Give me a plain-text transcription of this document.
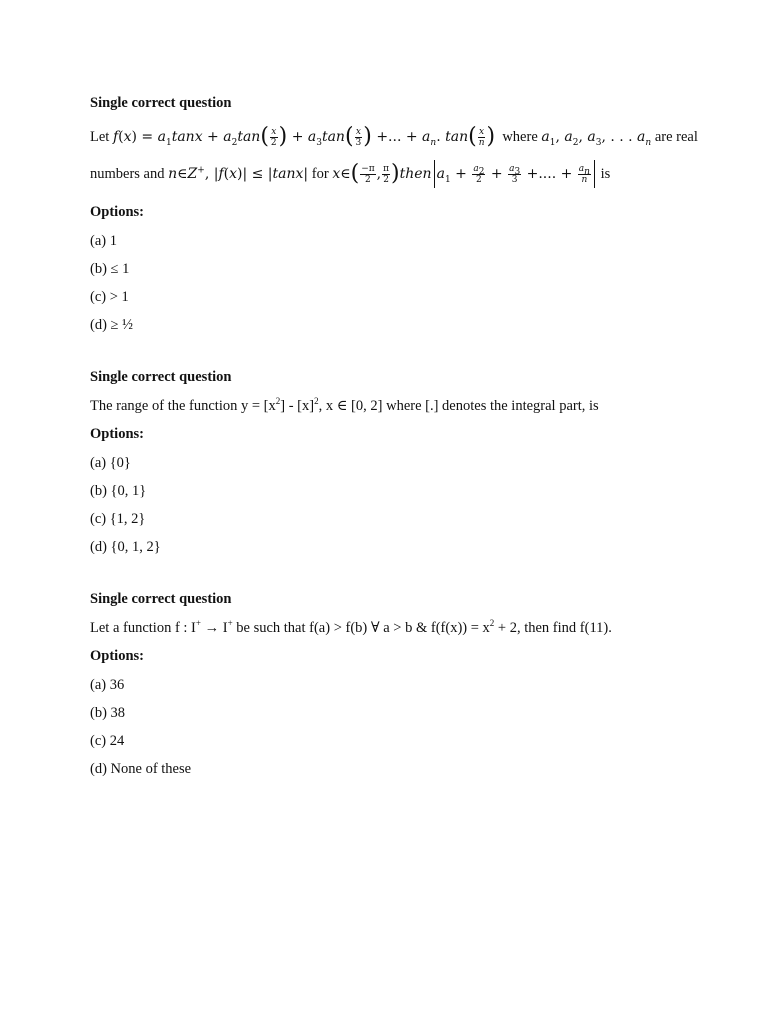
Single correct question
Let $f(x) = a_1\tan x + a_2\tan( \frac{x}{2}$ ) + $a_3\tan( \frac{x}{3}$ ) +... + $a_n$. $\tan( \frac{x}{n}$ ) where $a_1$, $a_2$, $a_3$, . . . $a_n$ are real
numbers and n∈Z+, |f(x)| ≤ |tanx| for x∈( $\frac{-\pi}{2}$ , $\frac{\pi}{2}$ )then $a_1 + \frac{a_2}{2} + \frac{a_3}{3}$ +.... + $\frac{a_n}{n}$ is
Options:
(a) 1
(b) ≤ 1
(c) > 1
(d) ≥ ½
Single correct question
The range of the function $y = [x^2] - [x]^2$, x ∈ [0, 2] where [.] denotes the integral part, is
Options:
(a) {0}
(b) {0, 1}
(c) {1, 2}
(d) {0, 1, 2}
Single correct question
Let a function f : I+ → I+ be such that f(a) > f(b) ∀ a > b & $f(f(x)) = x^2 + 2$, then find f(11).
Options:
(a) 36
(b) 38
(c) 24
(d) None of these
